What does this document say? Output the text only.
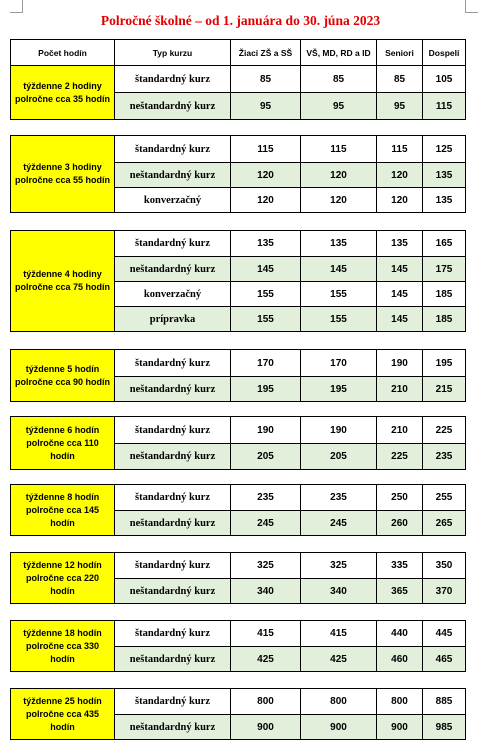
Polročné školné – od 1. januára do 30. júna 2023
Počet hodín	Typ kurzu	Žiaci ZŠ a SŠ	VŠ, MD, RD a ID	Seniori	Dospelí
týždenne 2 hodiny polročne cca 35 hodín	štandardný kurz	85	85	85	105
	neštandardný kurz	95	95	95	115
týždenne 3 hodiny polročne cca 55 hodín	štandardný kurz	115	115	115	125
	neštandardný kurz	120	120	120	135
	konverzačný	120	120	120	135
týždenne 4 hodiny polročne cca 75 hodín	štandardný kurz	135	135	135	165
	neštandardný kurz	145	145	145	175
	konverzačný	155	155	145	185
	prípravka	155	155	145	185
týždenne 5 hodín polročne cca 90 hodín	štandardný kurz	170	170	190	195
	neštandardný kurz	195	195	210	215
týždenne 6 hodín polročne cca 110 hodín	štandardný kurz	190	190	210	225
	neštandardný kurz	205	205	225	235
týždenne 8 hodín polročne cca 145 hodín	štandardný kurz	235	235	250	255
	neštandardný kurz	245	245	260	265
týždenne 12 hodín polročne cca 220 hodín	štandardný kurz	325	325	335	350
	neštandardný kurz	340	340	365	370
týždenne 18 hodín polročne cca 330 hodín	štandardný kurz	415	415	440	445
	neštandardný kurz	425	425	460	465
týždenne 25 hodín polročne cca 435 hodín	štandardný kurz	800	800	800	885
	neštandardný kurz	900	900	900	985
